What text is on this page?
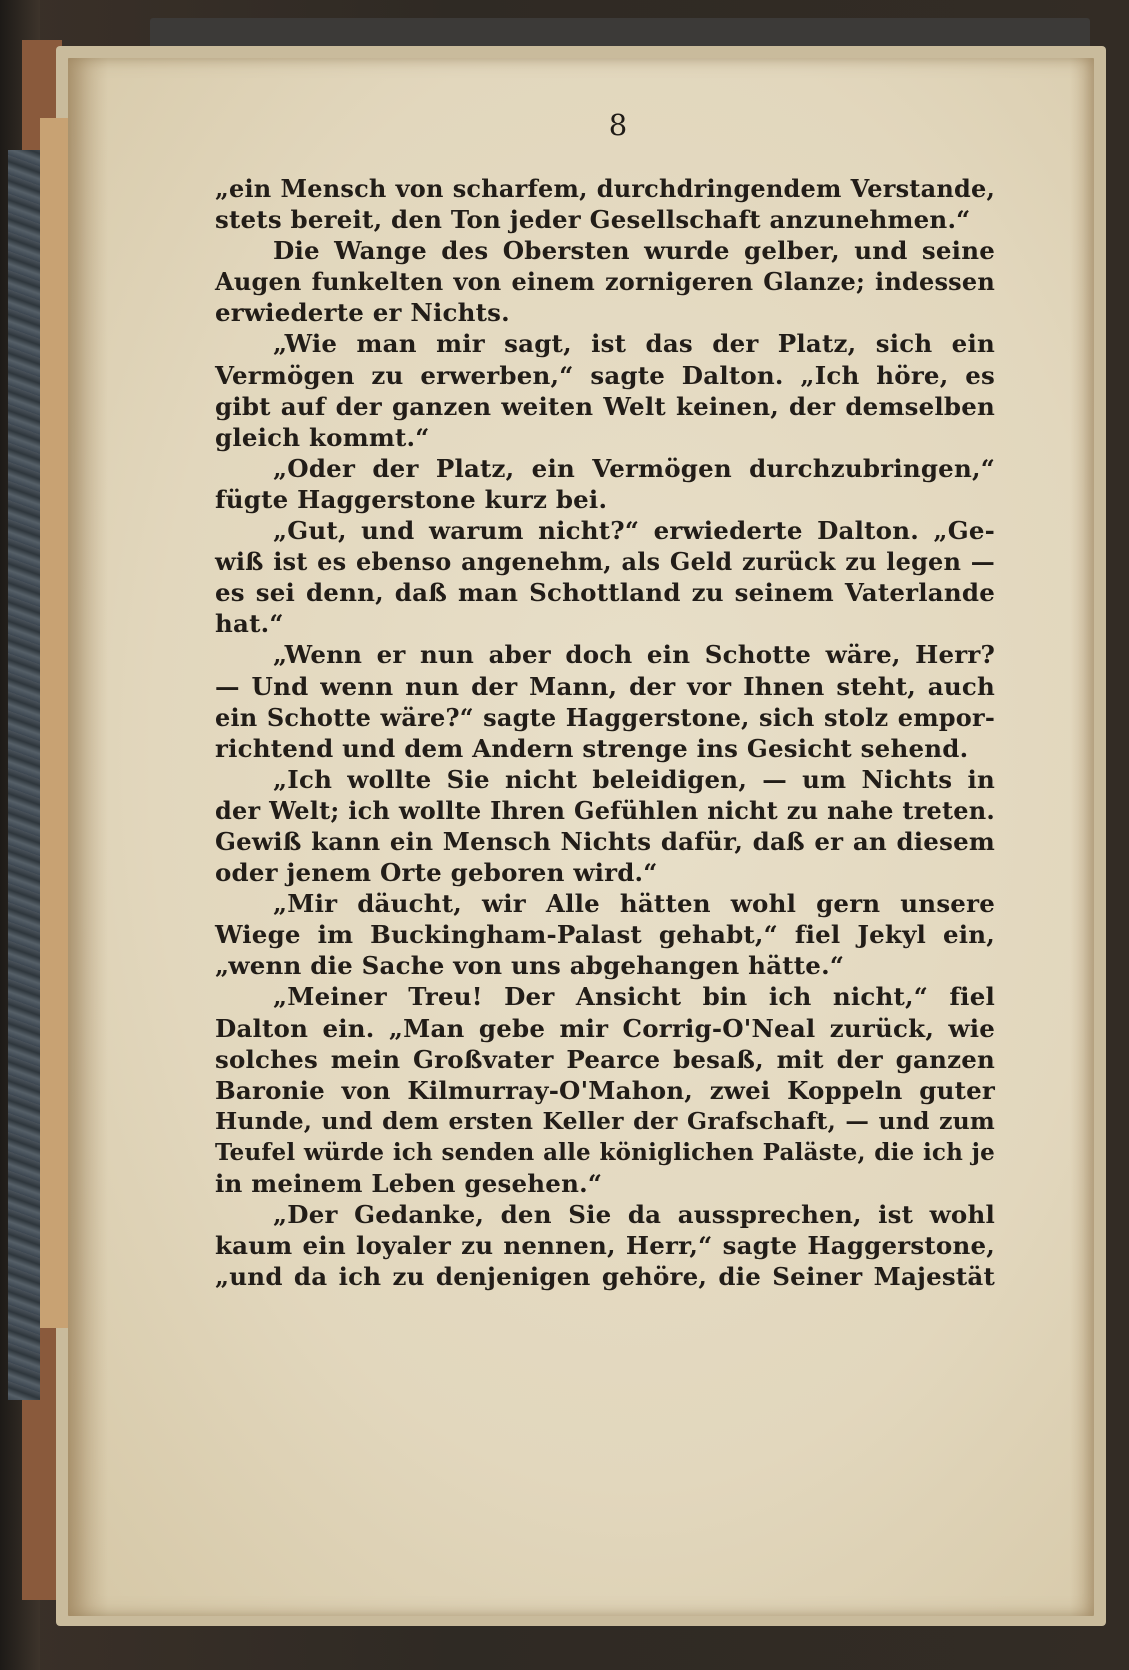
8
„ein Mensch von scharfem, durchdringendem Verstande,
stets bereit, den Ton jeder Gesellschaft anzunehmen.“
Die Wange des Obersten wurde gelber, und seine
Augen funkelten von einem zornigeren Glanze; indessen
erwiederte er Nichts.
„Wie man mir sagt, ist das der Platz, sich ein
Vermögen zu erwerben,“ sagte Dalton. „Ich höre, es
gibt auf der ganzen weiten Welt keinen, der demselben
gleich kommt.“
„Oder der Platz, ein Vermögen durchzubringen,“
fügte Haggerstone kurz bei.
„Gut, und warum nicht?“ erwiederte Dalton. „Ge-
wiß ist es ebenso angenehm, als Geld zurück zu legen —
es sei denn, daß man Schottland zu seinem Vaterlande
hat.“
„Wenn er nun aber doch ein Schotte wäre, Herr?
— Und wenn nun der Mann, der vor Ihnen steht, auch
ein Schotte wäre?“ sagte Haggerstone, sich stolz empor-
richtend und dem Andern strenge ins Gesicht sehend.
„Ich wollte Sie nicht beleidigen, — um Nichts in
der Welt; ich wollte Ihren Gefühlen nicht zu nahe treten.
Gewiß kann ein Mensch Nichts dafür, daß er an diesem
oder jenem Orte geboren wird.“
„Mir däucht, wir Alle hätten wohl gern unsere
Wiege im Buckingham-Palast gehabt,“ fiel Jekyl ein,
„wenn die Sache von uns abgehangen hätte.“
„Meiner Treu! Der Ansicht bin ich nicht,“ fiel
Dalton ein. „Man gebe mir Corrig-O'Neal zurück, wie
solches mein Großvater Pearce besaß, mit der ganzen
Baronie von Kilmurray-O'Mahon, zwei Koppeln guter
Hunde, und dem ersten Keller der Grafschaft, — und zum
Teufel würde ich senden alle königlichen Paläste, die ich je
in meinem Leben gesehen.“
„Der Gedanke, den Sie da aussprechen, ist wohl
kaum ein loyaler zu nennen, Herr,“ sagte Haggerstone,
„und da ich zu denjenigen gehöre, die Seiner Majestät
